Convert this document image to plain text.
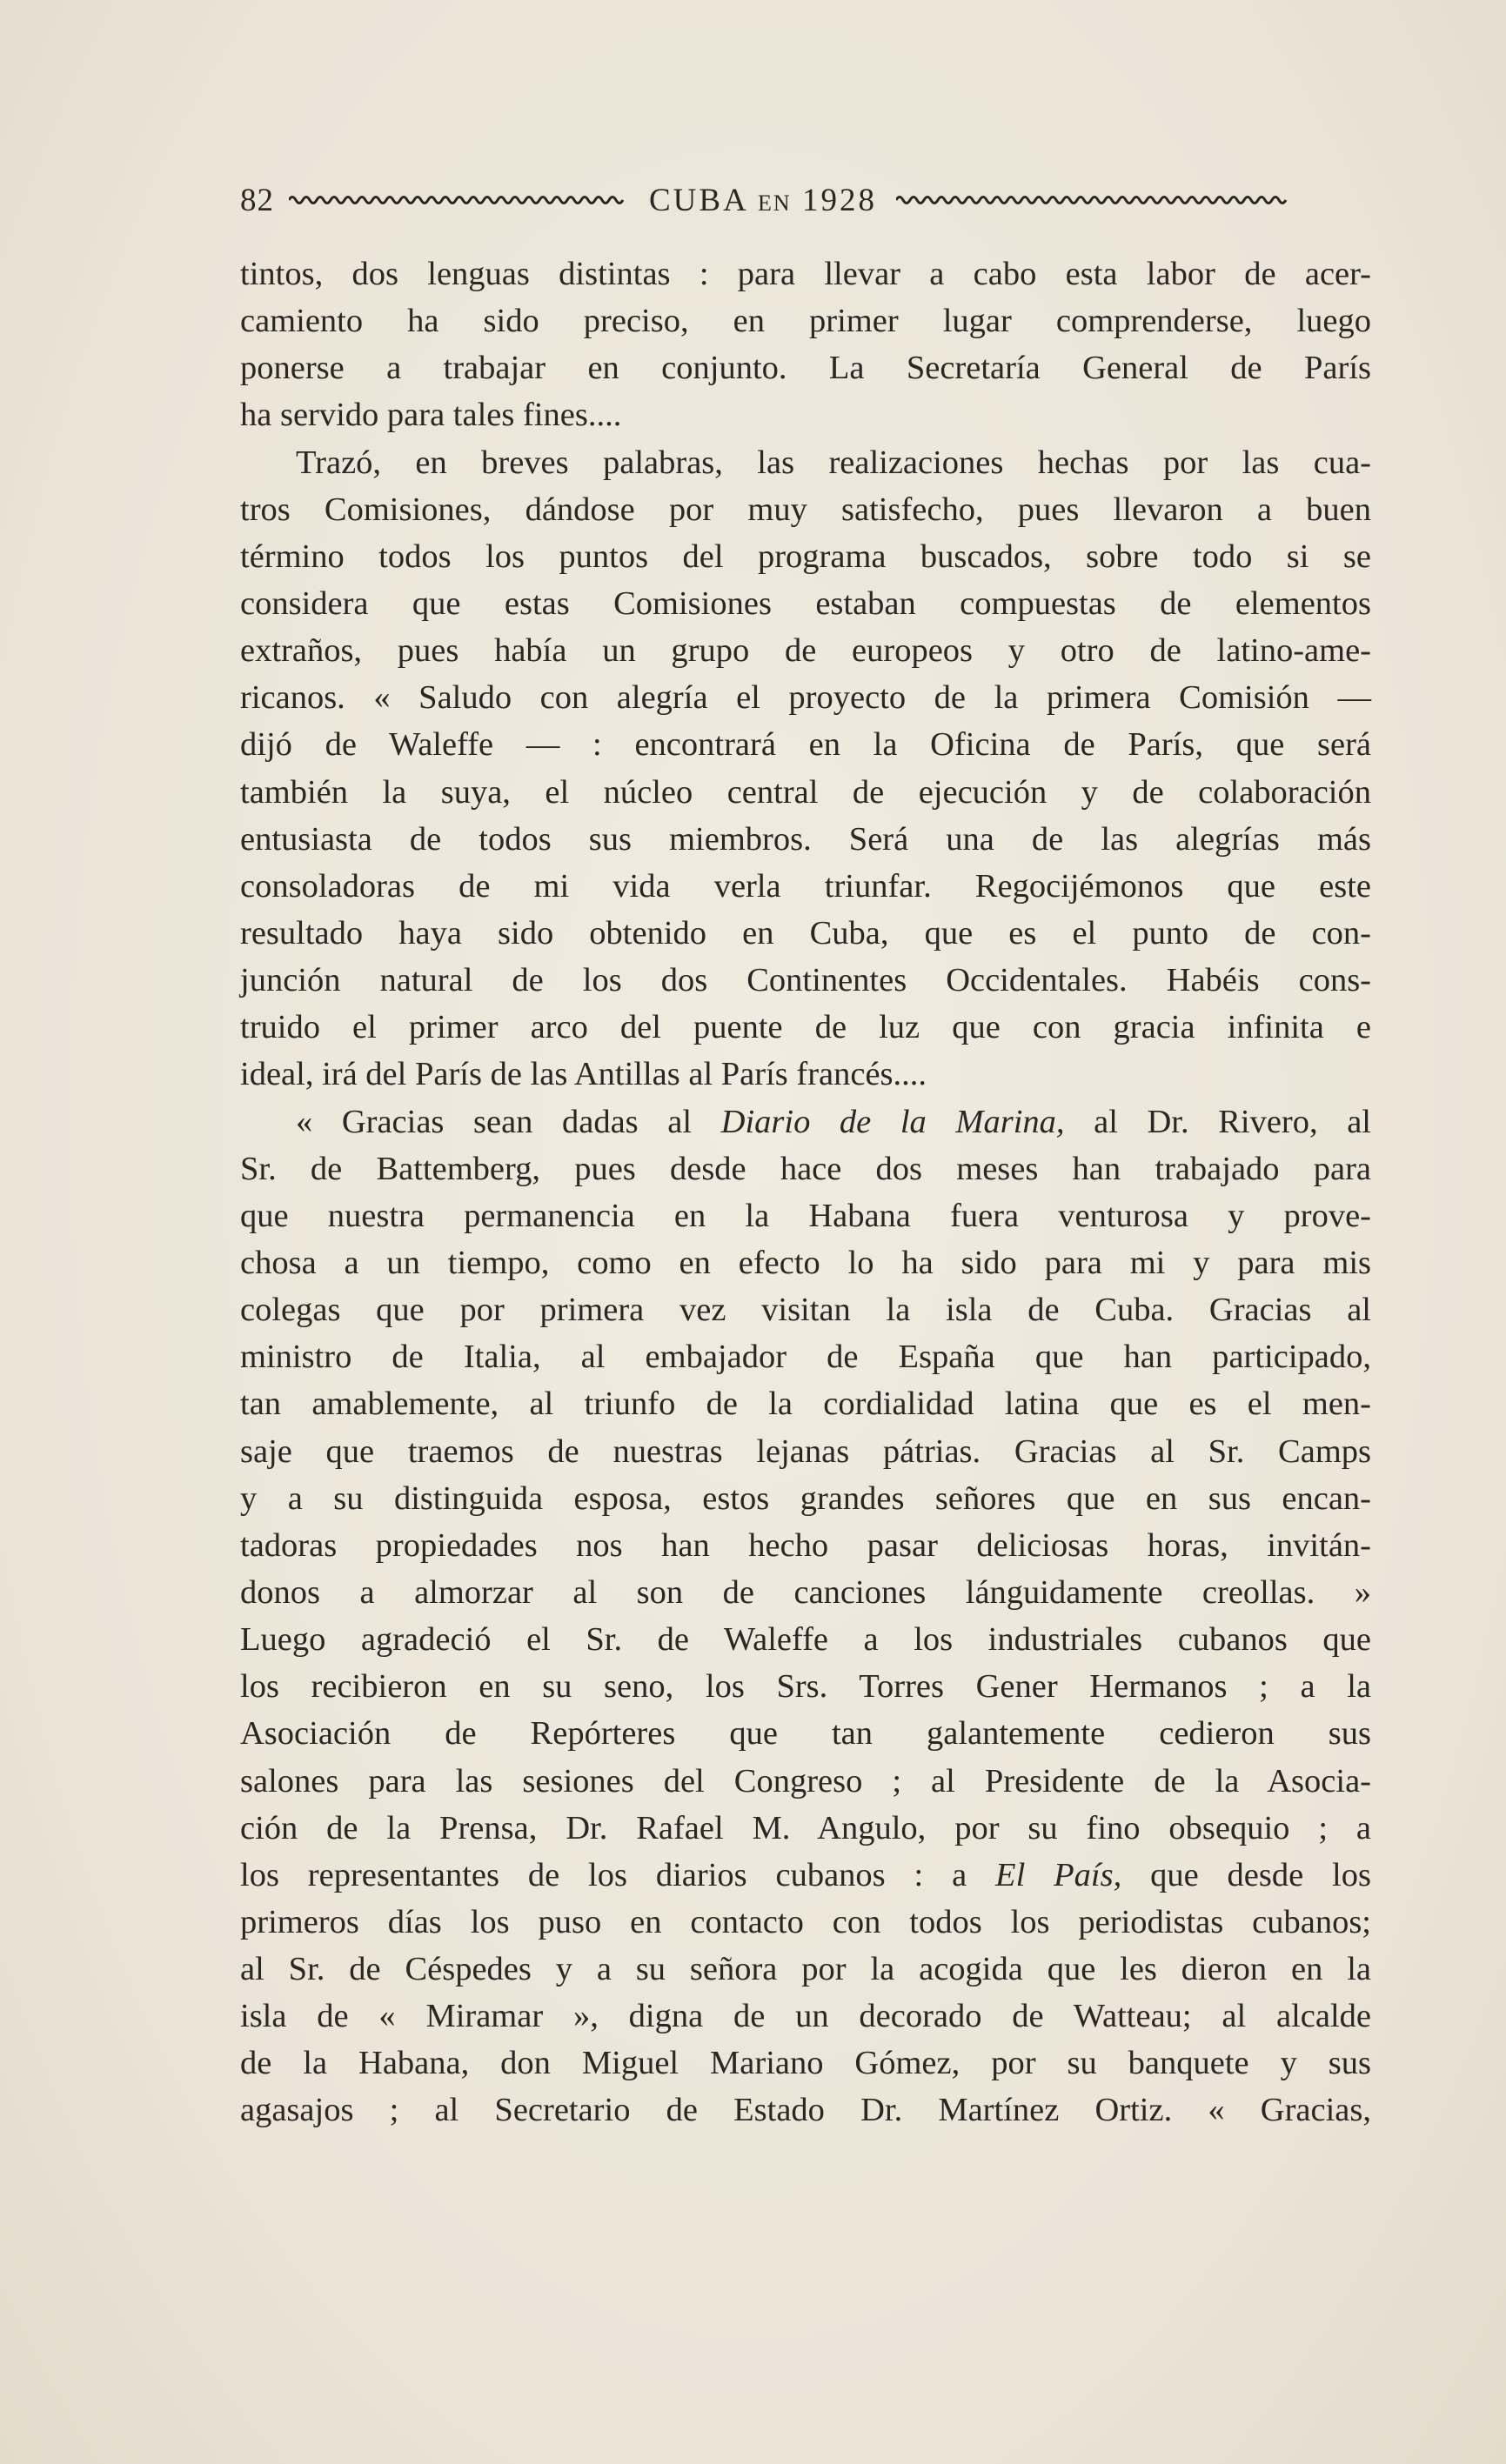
82	CUBA EN 1928
tintos, dos lenguas distintas : para llevar a cabo esta labor de acer-
camiento ha sido preciso, en primer lugar comprenderse, luego
ponerse a trabajar en conjunto. La Secretaría General de París
ha servido para tales fines....
Trazó, en breves palabras, las realizaciones hechas por las cua-
tros Comisiones, dándose por muy satisfecho, pues llevaron a buen
término todos los puntos del programa buscados, sobre todo si se
considera que estas Comisiones estaban compuestas de elementos
extraños, pues había un grupo de europeos y otro de latino-ame-
ricanos. « Saludo con alegría el proyecto de la primera Comisión —
dijó de Waleffe — : encontrará en la Oficina de París, que será
también la suya, el núcleo central de ejecución y de colaboración
entusiasta de todos sus miembros. Será una de las alegrías más
consoladoras de mi vida verla triunfar. Regocijémonos que este
resultado haya sido obtenido en Cuba, que es el punto de con-
junción natural de los dos Continentes Occidentales. Habéis cons-
truido el primer arco del puente de luz que con gracia infinita e
ideal, irá del París de las Antillas al París francés....
« Gracias sean dadas al Diario de la Marina, al Dr. Rivero, al
Sr. de Battemberg, pues desde hace dos meses han trabajado para
que nuestra permanencia en la Habana fuera venturosa y prove-
chosa a un tiempo, como en efecto lo ha sido para mi y para mis
colegas que por primera vez visitan la isla de Cuba. Gracias al
ministro de Italia, al embajador de España que han participado,
tan amablemente, al triunfo de la cordialidad latina que es el men-
saje que traemos de nuestras lejanas pátrias. Gracias al Sr. Camps
y a su distinguida esposa, estos grandes señores que en sus encan-
tadoras propiedades nos han hecho pasar deliciosas horas, invitán-
donos a almorzar al son de canciones lánguidamente creollas. »
Luego agradeció el Sr. de Waleffe a los industriales cubanos que
los recibieron en su seno, los Srs. Torres Gener Hermanos ; a la
Asociación de Repórteres que tan galantemente cedieron sus
salones para las sesiones del Congreso ; al Presidente de la Asocia-
ción de la Prensa, Dr. Rafael M. Angulo, por su fino obsequio ; a
los representantes de los diarios cubanos : a El País, que desde los
primeros días los puso en contacto con todos los periodistas cubanos;
al Sr. de Céspedes y a su señora por la acogida que les dieron en la
isla de « Miramar », digna de un decorado de Watteau; al alcalde
de la Habana, don Miguel Mariano Gómez, por su banquete y sus
agasajos ; al Secretario de Estado Dr. Martínez Ortiz. « Gracias,
